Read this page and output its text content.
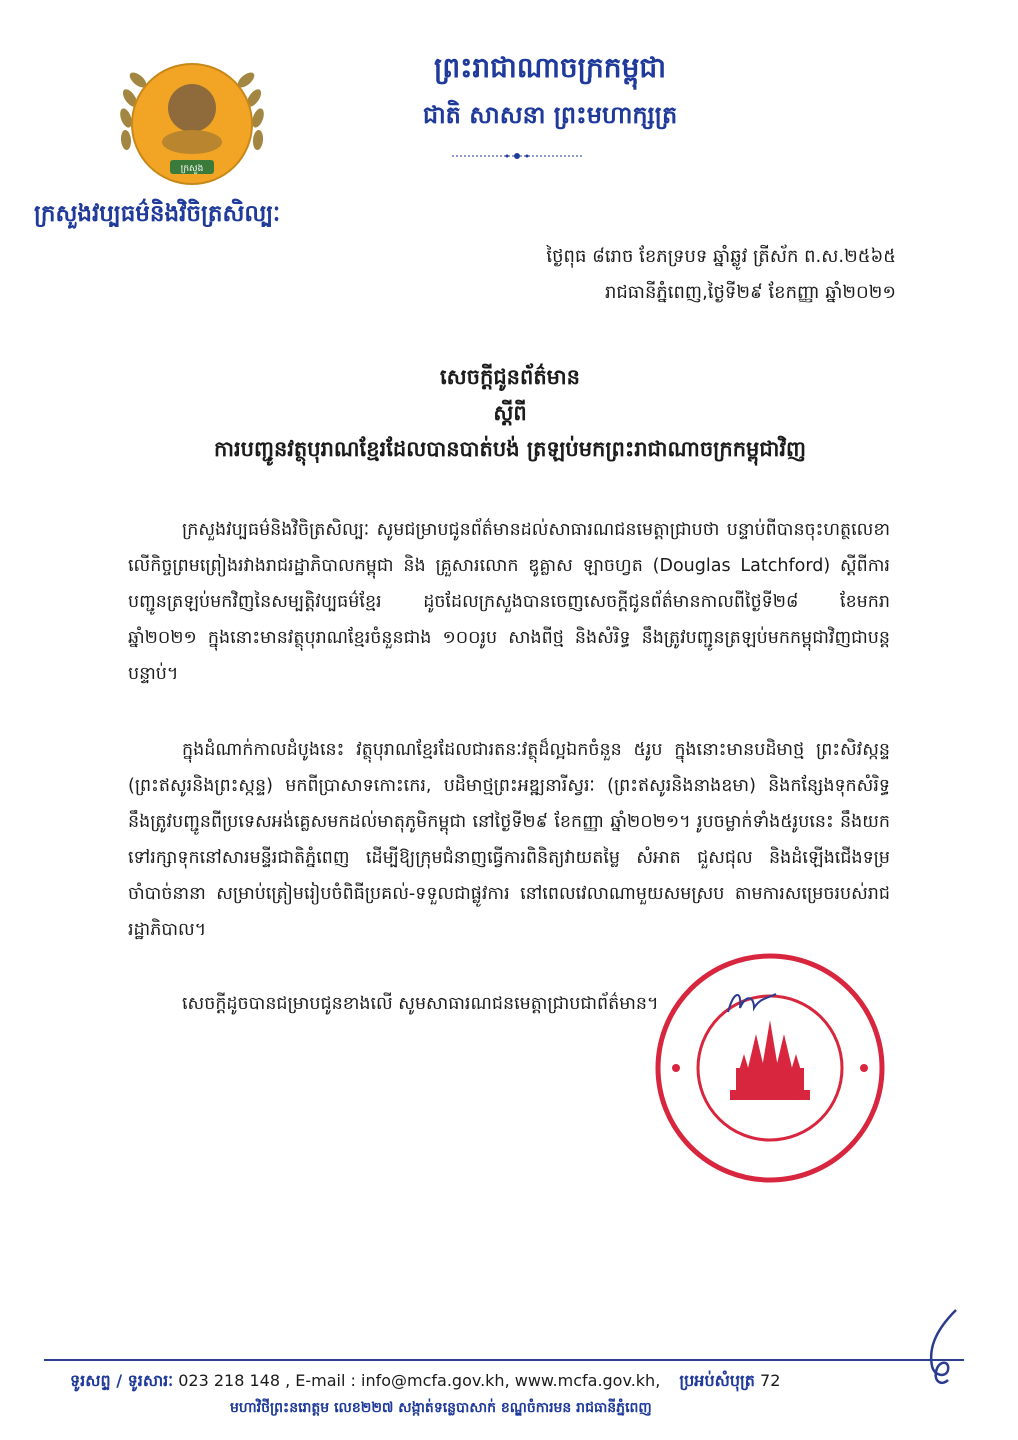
ក្រសួង
ក្រសួងវប្បធម៌និងវិចិត្រសិល្បៈ
ព្រះរាជាណាចក្រកម្ពុជា
ជាតិ សាសនា ព្រះមហាក្សត្រ
ថ្ងៃពុធ ៨រោច ខែភទ្របទ ឆ្នាំឆ្លូវ ត្រីស័ក ព.ស.២៥៦៥
រាជធានីភ្នំពេញ,ថ្ងៃទី២៩ ខែកញ្ញា ឆ្នាំ២០២១
សេចក្តីជូនព័ត៌មាន
ស្តីពី
ការបញ្ជូនវត្ថុបុរាណខ្មែរដែលបានបាត់បង់ ត្រឡប់មកព្រះរាជាណាចក្រកម្ពុជាវិញ

ក្រសួងវប្បធម៌និងវិចិត្រសិល្បៈ សូមជម្រាបជូនព័ត៌មានដល់សាធារណជនមេត្តាជ្រាបថា បន្ទាប់ពីបានចុះហត្ថលេខាលើកិច្ចព្រមព្រៀងរវាងរាជរដ្ឋាភិបាលកម្ពុជា និង គ្រួសារលោក ឌូគ្លាស ឡាចហ្វត (Douglas Latchford) ស្តីពីការបញ្ជូនត្រឡប់មកវិញនៃសម្បត្តិវប្បធម៌ខ្មែរ ដូចដែលក្រសួងបានចេញសេចក្តីជូនព័ត៌មានកាលពីថ្ងៃទី២៨ ខែមករា ឆ្នាំ២០២១ ក្នុងនោះមានវត្ថុបុរាណខ្មែរចំនួនជាង ១០០រូប សាងពីថ្ម និងសំរិទ្ធ នឹងត្រូវបញ្ជូនត្រឡប់មកកម្ពុជាវិញជាបន្តបន្ទាប់។

ក្នុងដំណាក់កាលដំបូងនេះ វត្ថុបុរាណខ្មែរដែលជារតនៈវត្ថុដ៏ល្អឯកចំនួន ៥រូប ក្នុងនោះមានបដិមាថ្ម ព្រះសិវស្កន្ទ (ព្រះឥសូរនិងព្រះស្កន្ទ) មកពីប្រាសាទកោះកេរ, បដិមាថ្មព្រះអឌ្ឍនារីស្វរៈ (ព្រះឥសូរនិងនាងឧមា) និងកន្សែងទុកសំរិទ្ធ នឹងត្រូវបញ្ជូនពីប្រទេសអង់គ្លេសមកដល់មាតុភូមិកម្ពុជា នៅថ្ងៃទី២៩ ខែកញ្ញា ឆ្នាំ២០២១។ រូបចម្លាក់ទាំង៥រូបនេះ នឹងយកទៅរក្សាទុកនៅសារមន្ទីរជាតិភ្នំពេញ ដើម្បីឱ្យក្រុមជំនាញធ្វើការពិនិត្យវាយតម្លៃ សំអាត ជួសជុល និងដំឡើងជើងទម្រចាំបាច់នានា សម្រាប់ត្រៀមរៀបចំពិធីប្រគល់-ទទួលជាផ្លូវការ នៅពេលវេលាណាមួយសមស្រប តាមការសម្រេចរបស់រាជរដ្ឋាភិបាល។

សេចក្តីដូចបានជម្រាបជូនខាងលើ សូមសាធារណជនមេត្តាជ្រាបជាព័ត៌មាន។

ទូរសព្ទ / ទូរសារៈ 023 218 148 , E-mail : info@mcfa.gov.kh, www.mcfa.gov.kh, ប្រអប់សំបុត្រ 72
មហាវិថីព្រះនរោត្តម លេខ២២៧ សង្កាត់ទន្លេបាសាក់ ខណ្ឌចំការមន រាជធានីភ្នំពេញ
